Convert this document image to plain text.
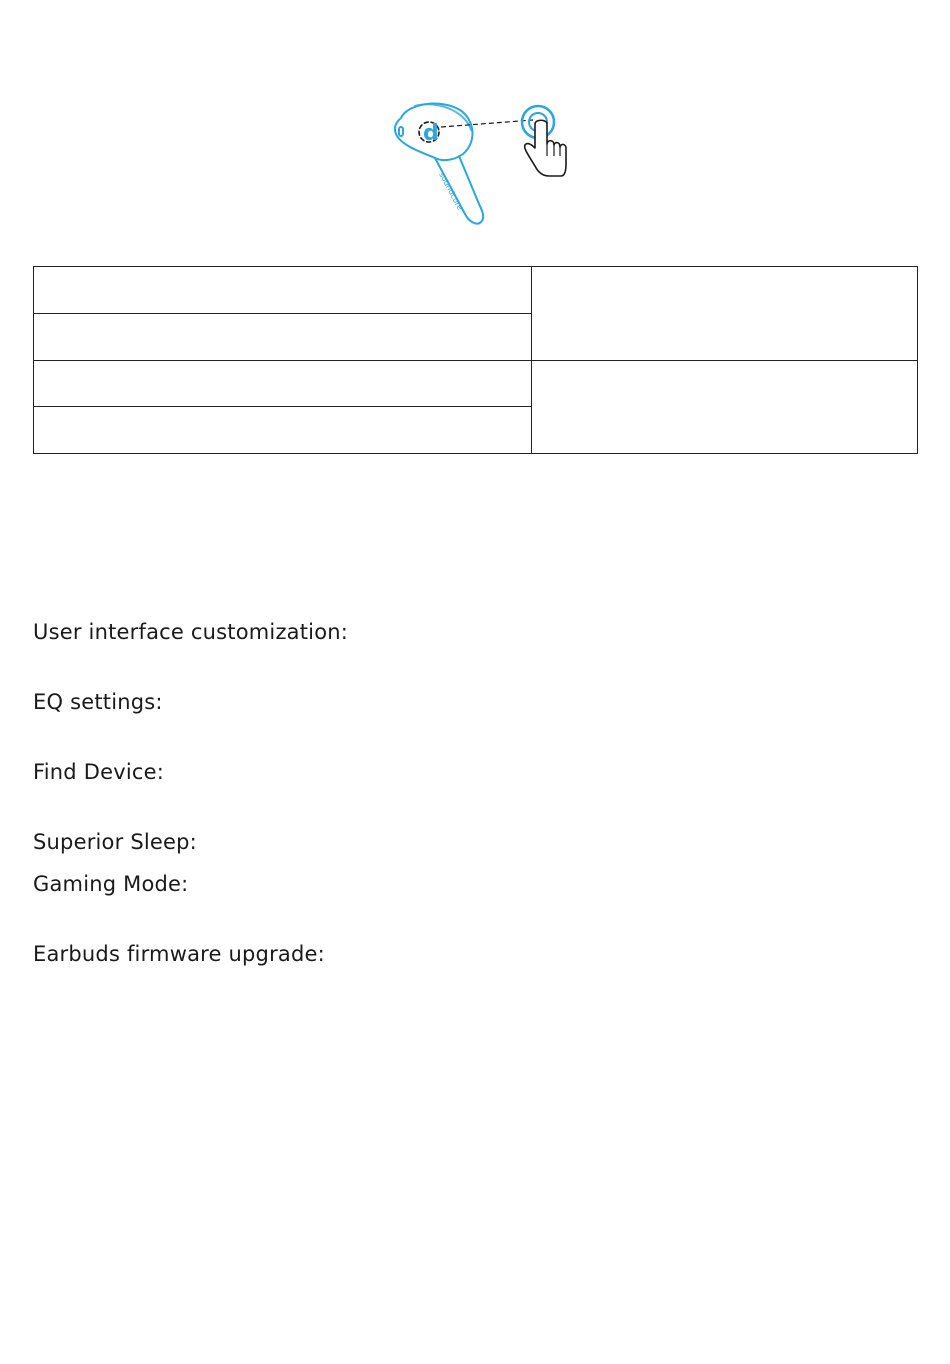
d
soundcore

User interface customization:
EQ settings:
Find Device:
Superior Sleep:
Gaming Mode:
Earbuds firmware upgrade:
